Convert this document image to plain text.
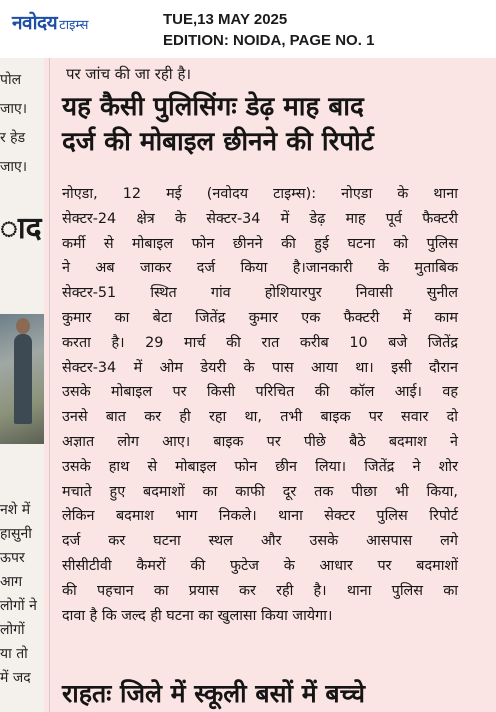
नवोदय टाइम्स	TUE,13 MAY 2025
EDITION: NOIDA, PAGE NO. 1
पोल
जाए।
र हेड
जाए।
ाद
नशे में
हासुनी
ऊपर
आग
लोगों ने
लोगों
या तो
में जद
पर जांच की जा रही है।
यह कैसी पुलिसिंगः डेढ़ माह बाद
दर्ज की मोबाइल छीनने की रिपोर्ट
नोएडा, 12 मई (नवोदय टाइम्स): नोएडा के थाना
सेक्टर-24 क्षेत्र के सेक्टर-34 में डेढ़ माह पूर्व फैक्टरी
कर्मी से मोबाइल फोन छीनने की हुई घटना को पुलिस
ने अब जाकर दर्ज किया है।जानकारी के मुताबिक
सेक्टर-51 स्थित गांव होशियारपुर निवासी सुनील
कुमार का बेटा जितेंद्र कुमार एक फैक्टरी में काम
करता है। 29 मार्च की रात करीब 10 बजे जितेंद्र
सेक्टर-34 में ओम डेयरी के पास आया था। इसी दौरान
उसके मोबाइल पर किसी परिचित की कॉल आई। वह
उनसे बात कर ही रहा था, तभी बाइक पर सवार दो
अज्ञात लोग आए। बाइक पर पीछे बैठे बदमाश ने
उसके हाथ से मोबाइल फोन छीन लिया। जितेंद्र ने शोर
मचाते हुए बदमाशों का काफी दूर तक पीछा भी किया,
लेकिन बदमाश भाग निकले। थाना सेक्टर पुलिस रिपोर्ट
दर्ज कर घटना स्थल और उसके आसपास लगे
सीसीटीवी कैमरों की फुटेज के आधार पर बदमाशों
की पहचान का प्रयास कर रही है। थाना पुलिस का
दावा है कि जल्द ही घटना का खुलासा किया जायेगा।
राहतः जिले में स्कूली बसों में बच्चे
